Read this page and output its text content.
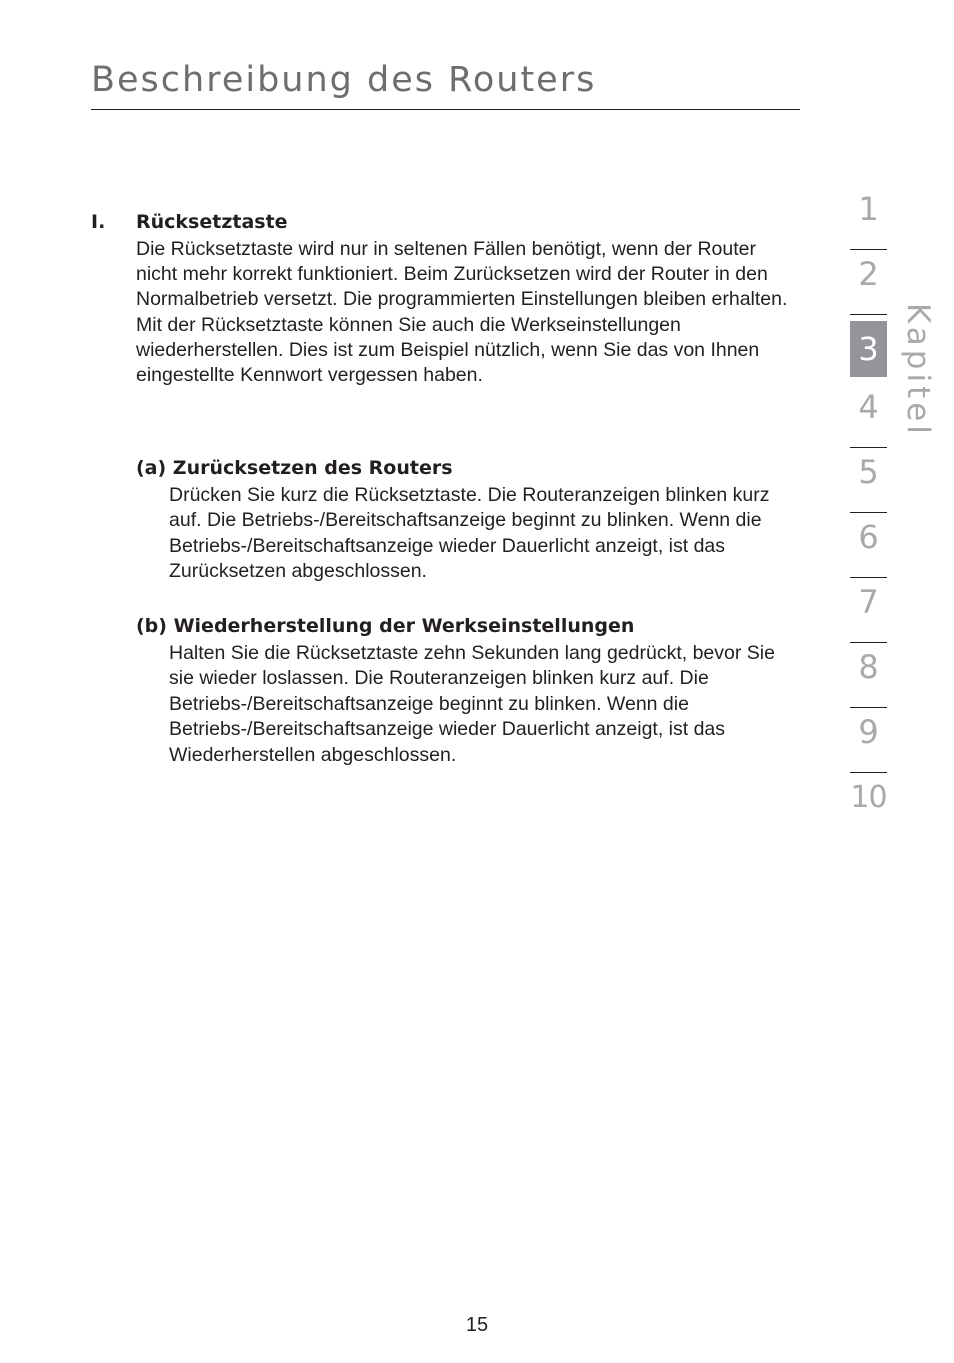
Beschreibung des Routers
I. Rücksetztaste

Die Rücksetztaste wird nur in seltenen Fällen benötigt, wenn der Router nicht mehr korrekt funktioniert. Beim Zurücksetzen wird der Router in den Normalbetrieb versetzt. Die programmierten Einstellungen bleiben erhalten. Mit der Rücksetztaste können Sie auch die Werkseinstellungen wiederherstellen. Dies ist zum Beispiel nützlich, wenn Sie das von Ihnen eingestellte Kennwort vergessen haben.

(a) Zurücksetzen des Routers

Drücken Sie kurz die Rücksetztaste. Die Routeranzeigen blinken kurz auf. Die Betriebs-/Bereitschaftsanzeige beginnt zu blinken. Wenn die Betriebs-/Bereitschaftsanzeige wieder Dauerlicht anzeigt, ist das Zurücksetzen abgeschlossen.

(b) Wiederherstellung der Werkseinstellungen

Halten Sie die Rücksetztaste zehn Sekunden lang gedrückt, bevor Sie sie wieder loslassen. Die Routeranzeigen blinken kurz auf. Die Betriebs-/Bereitschaftsanzeige beginnt zu blinken. Wenn die Betriebs-/Bereitschaftsanzeige wieder Dauerlicht anzeigt, ist das Wiederherstellen abgeschlossen.

1
2
3
4
5
6
7
8
9
10
Kapitel
15
